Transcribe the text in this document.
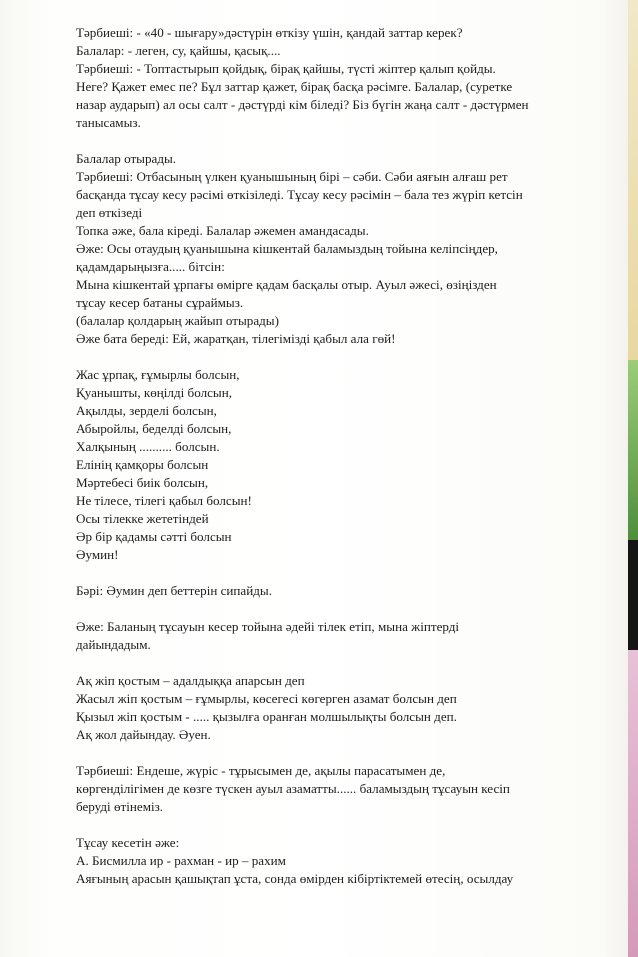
Тәрбиеші: - «40 - шығару»дәстүрін өткізу үшін, қандай заттар керек?
Балалар: - леген, су, қайшы, қасық....
Тәрбиеші: - Топтастырып қойдық, бірақ қайшы, түсті жіптер қалып қойды.
Неге? Қажет емес пе? Бұл заттар қажет, бірақ басқа рәсімге. Балалар, (суретке
назар аударып) ал осы салт - дәстүрді кім біледі? Біз бүгін жаңа салт - дәстүрмен
танысамыз.
Балалар отырады.
Тәрбиеші: Отбасының үлкен қуанышының бірі – сәби. Сәби аяғын алғаш рет
басқанда тұсау кесу рәсімі өткізіледі. Тұсау кесу рәсімін – бала тез жүріп кетсін
деп өткізеді
Топка әже, бала кіреді. Балалар әжемен амандасады.
Әже: Осы отаудың қуанышына кішкентай баламыздың тойына келіпсіңдер,
қадамдарыңызға..... бітсін:
Мына кішкентай ұрпағы өмірге қадам басқалы отыр. Ауыл әжесі, өзіңізден
тұсау кесер батаны сұраймыз.
(балалар қолдарың жайып отырады)
Әже бата береді: Ей, жаратқан, тілегімізді қабыл ала гөй!
Жас ұрпақ, ғұмырлы болсын,
Қуанышты, көңілді болсын,
Ақылды, зерделі болсын,
Абыройлы, беделді болсын,
Халқының .......... болсын.
Елінің қамқоры болсын
Мәртебесі биік болсын,
Не тілесе, тілегі қабыл болсын!
Осы тілекке жететіндей
Әр бір қадамы сәтті болсын
Әумин!
Бәрі: Әумин деп беттерін сипайды.
Әже: Баланың тұсауын кесер тойына әдейі тілек етіп, мына жіптерді
дайындадым.
Ақ жіп қостым – адалдыққа апарсын деп
Жасыл жіп қостым – ғұмырлы, көсегесі көгерген азамат болсын деп
Қызыл жіп қостым - ..... қызылға оранған молшылықты болсын деп.
Ақ жол дайындау. Әуен.
Тәрбиеші: Ендеше, жүріс - тұрысымен де, ақылы парасатымен де,
көргенділігімен де көзге түскен ауыл азаматты...... баламыздың тұсауын кесіп
беруді өтінеміз.
Тұсау кесетін әже:
А. Бисмилла ир - рахман - ир – рахим
Аяғының арасын қашықтап ұста, сонда өмірден кібіртіктемей өтесің, осылдау
